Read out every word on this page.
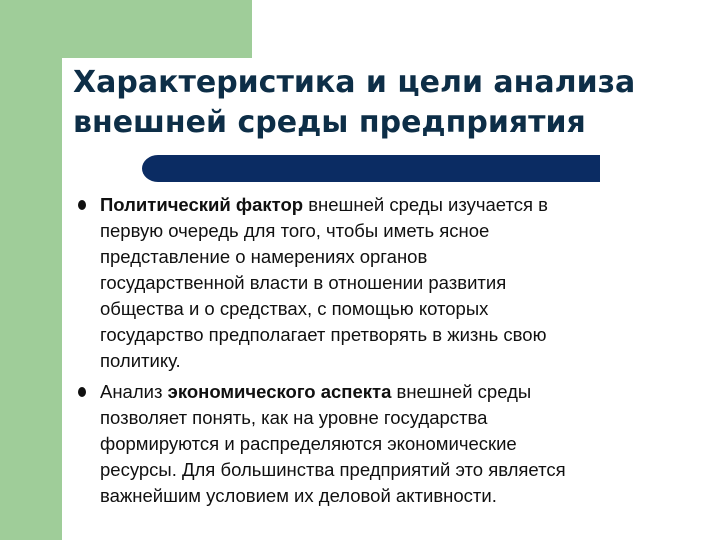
Характеристика и цели анализа
внешней среды предприятия
Политический фактор внешней среды изучается в
первую очередь для того, чтобы иметь ясное
представление о намерениях органов
государственной власти в отношении развития
общества и о средствах, с помощью которых
государство предполагает претворять в жизнь свою
политику.
Анализ экономического аспекта внешней среды
позволяет понять, как на уровне государства
формируются и распределяются экономические
ресурсы. Для большинства предприятий это является
важнейшим условием их деловой активности.
